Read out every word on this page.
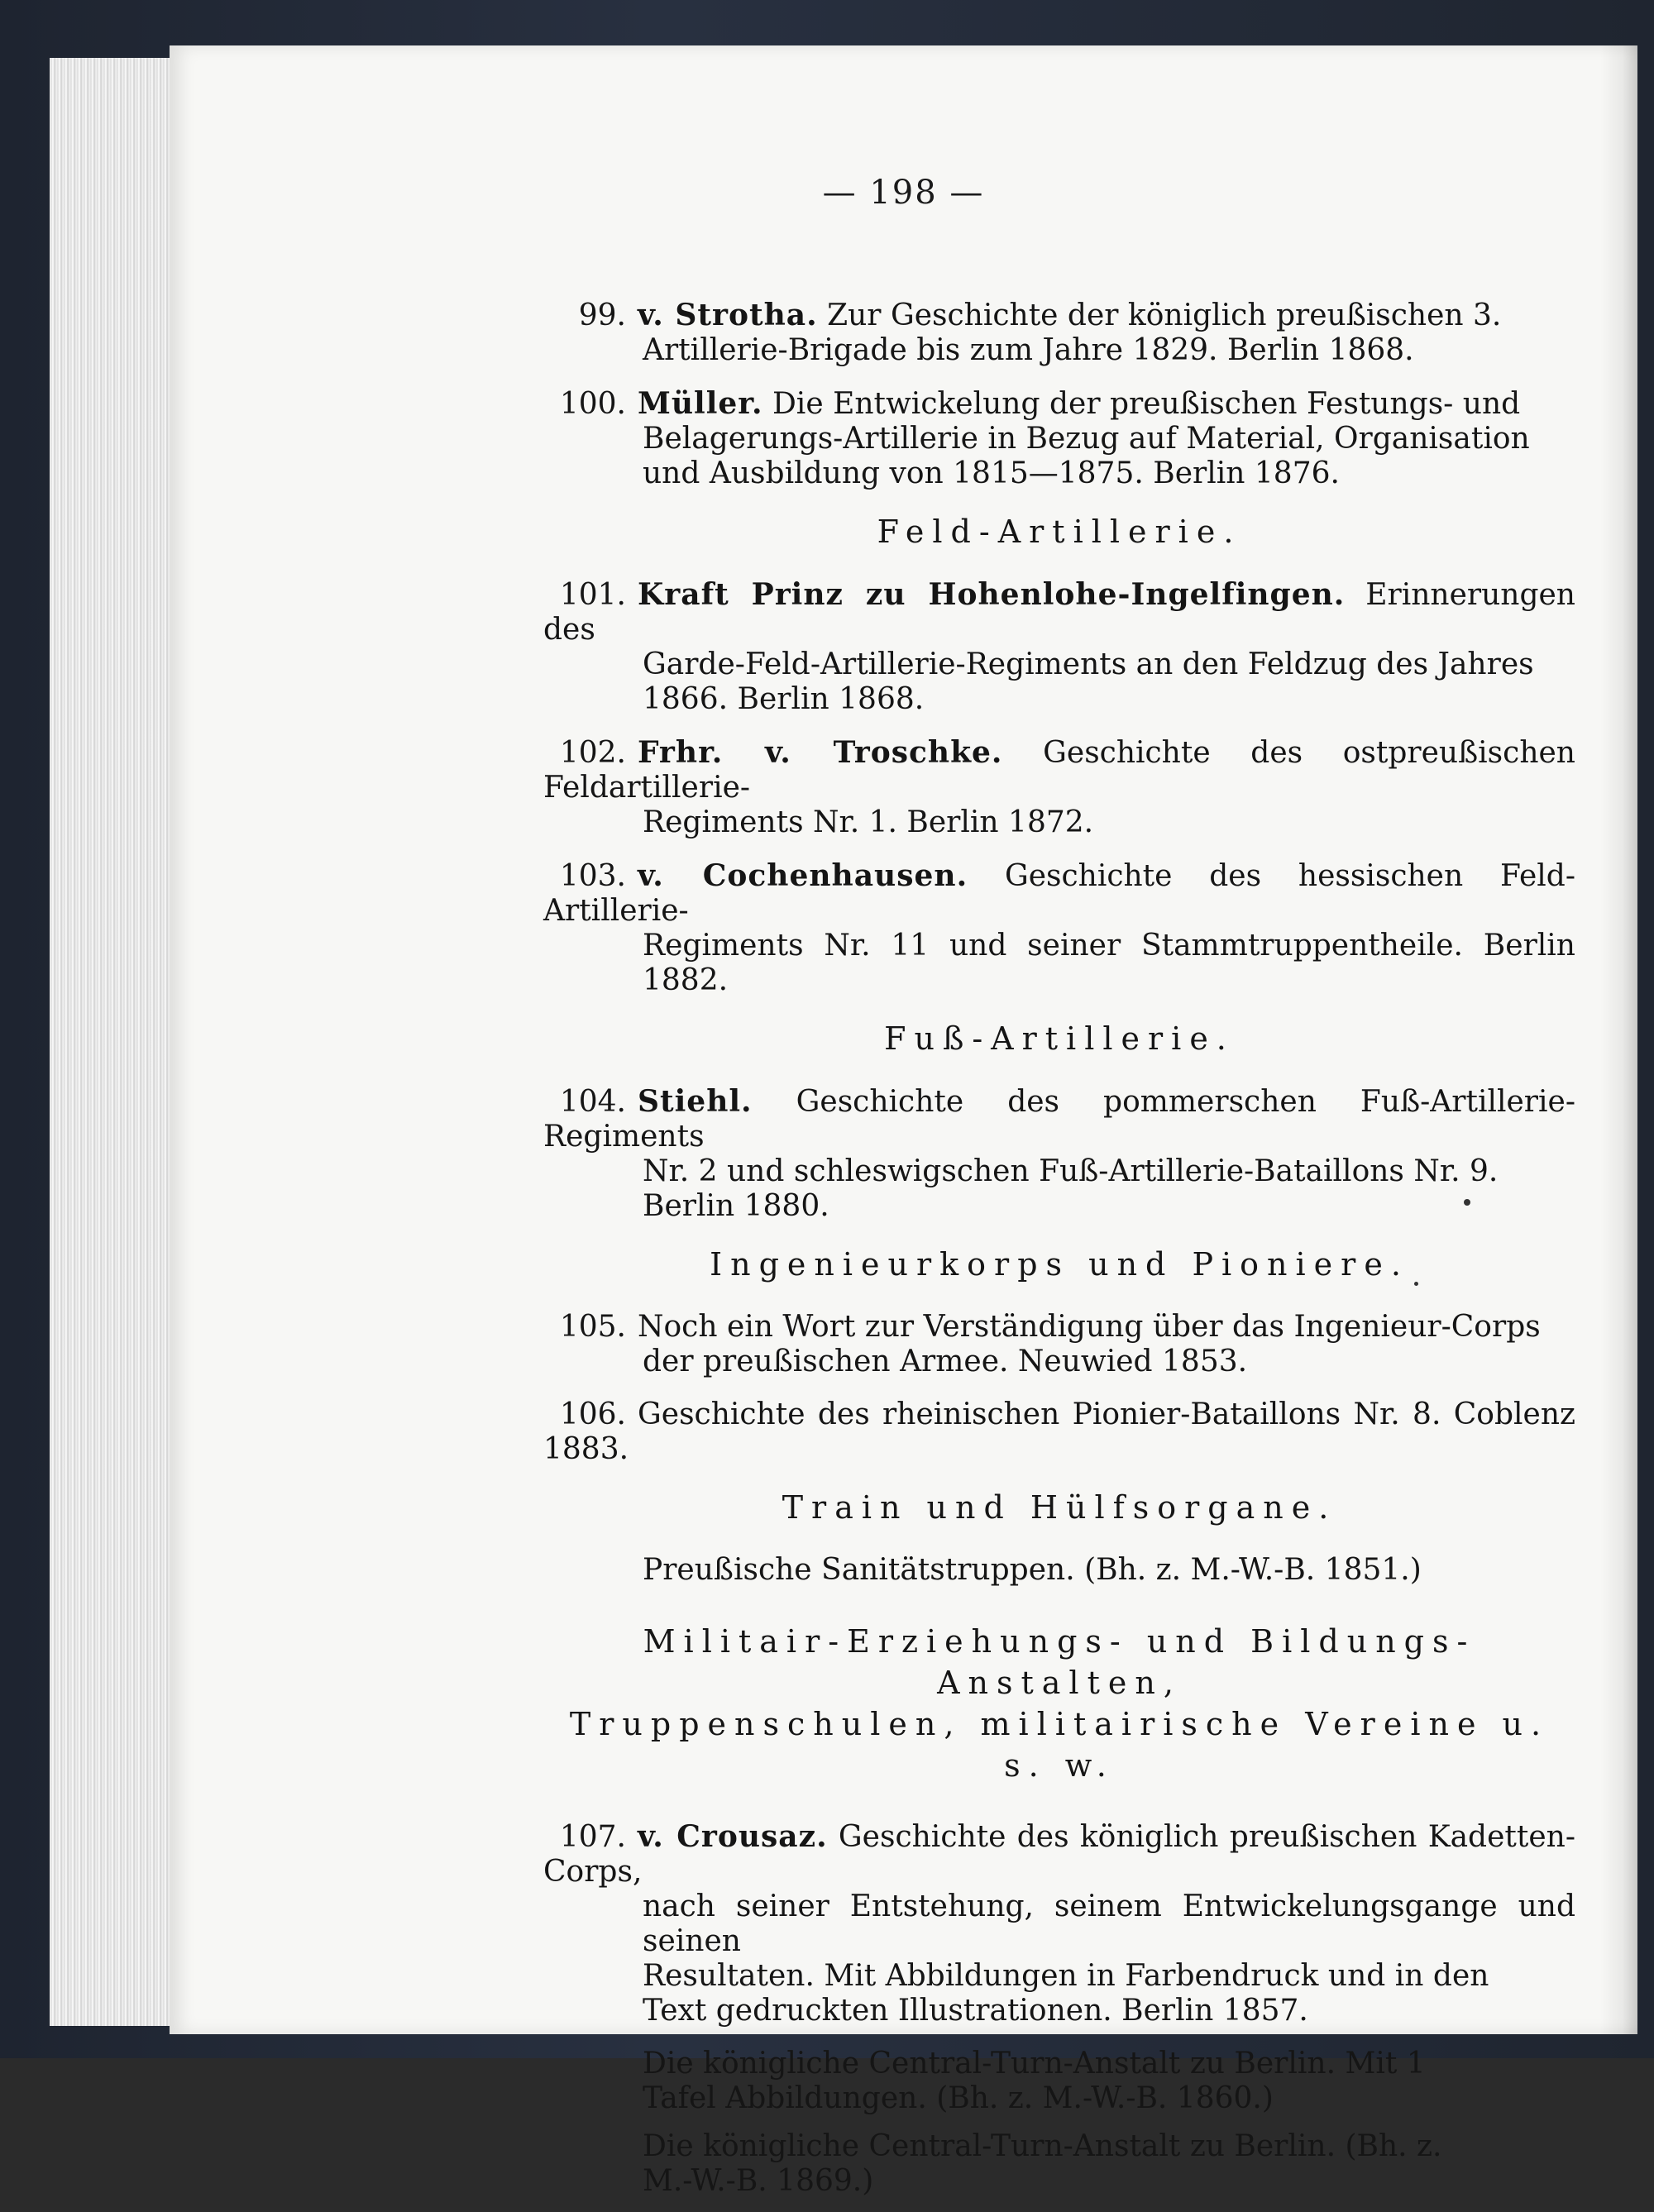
— 198 —
99. v. Strotha. Zur Geschichte der königlich preußischen 3.
Artillerie-Brigade bis zum Jahre 1829. Berlin 1868.
100. Müller. Die Entwickelung der preußischen Festungs- und
Belagerungs-Artillerie in Bezug auf Material, Organisation
und Ausbildung von 1815—1875. Berlin 1876.
Feld-Artillerie.
101. Kraft Prinz zu Hohenlohe-Ingelfingen. Erinnerungen des
Garde-Feld-Artillerie-Regiments an den Feldzug des Jahres
1866. Berlin 1868.
102. Frhr. v. Troschke. Geschichte des ostpreußischen Feldartillerie-
Regiments Nr. 1. Berlin 1872.
103. v. Cochenhausen. Geschichte des hessischen Feld-Artillerie-
Regiments Nr. 11 und seiner Stammtruppentheile. Berlin 1882.
Fuß-Artillerie.
104. Stiehl. Geschichte des pommerschen Fuß-Artillerie-Regiments
Nr. 2 und schleswigschen Fuß-Artillerie-Bataillons Nr. 9.
Berlin 1880.
Ingenieurkorps und Pioniere.
105. Noch ein Wort zur Verständigung über das Ingenieur-Corps
der preußischen Armee. Neuwied 1853.
106. Geschichte des rheinischen Pionier-Bataillons Nr. 8. Coblenz 1883.
Train und Hülfsorgane.
Preußische Sanitätstruppen. (Bh. z. M.-W.-B. 1851.)
Militair-Erziehungs- und Bildungs-Anstalten,
Truppenschulen, militairische Vereine u. s. w.
107. v. Crousaz. Geschichte des königlich preußischen Kadetten-Corps,
nach seiner Entstehung, seinem Entwickelungsgange und seinen
Resultaten. Mit Abbildungen in Farbendruck und in den
Text gedruckten Illustrationen. Berlin 1857.
Die königliche Central-Turn-Anstalt zu Berlin. Mit 1
Tafel Abbildungen. (Bh. z. M.-W.-B. 1860.)
Die königliche Central-Turn-Anstalt zu Berlin. (Bh. z.
M.-W.-B. 1869.)
